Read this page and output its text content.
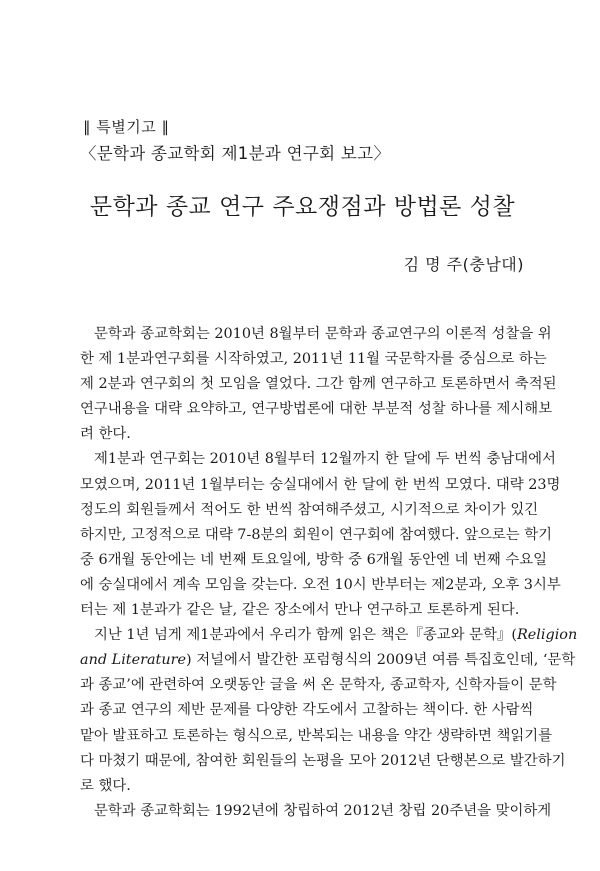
∥ 특별기고 ∥
〈문학과 종교학회 제1분과 연구회 보고〉
문학과 종교 연구 주요쟁점과 방법론 성찰
김 명 주(충남대)

문학과 종교학회는 2010년 8월부터 문학과 종교연구의 이론적 성찰을 위
한 제 1분과연구회를 시작하였고, 2011년 11월 국문학자를 중심으로 하는
제 2분과 연구회의 첫 모임을 열었다. 그간 함께 연구하고 토론하면서 축적된
연구내용을 대략 요약하고, 연구방법론에 대한 부분적 성찰 하나를 제시해보
려 한다.

제1분과 연구회는 2010년 8월부터 12월까지 한 달에 두 번씩 충남대에서
모였으며, 2011년 1월부터는 숭실대에서 한 달에 한 번씩 모였다. 대략 23명
정도의 회원들께서 적어도 한 번씩 참여해주셨고, 시기적으로 차이가 있긴
하지만, 고정적으로 대략 7-8분의 회원이 연구회에 참여했다. 앞으로는 학기
중 6개월 동안에는 네 번째 토요일에, 방학 중 6개월 동안엔 네 번째 수요일
에 숭실대에서 계속 모임을 갖는다. 오전 10시 반부터는 제2분과, 오후 3시부
터는 제 1분과가 같은 날, 같은 장소에서 만나 연구하고 토론하게 된다.

지난 1년 넘게 제1분과에서 우리가 함께 읽은 책은『종교와 문학』(Religion
and Literature) 저널에서 발간한 포럼형식의 2009년 여름 특집호인데, ‘문학
과 종교’에 관련하여 오랫동안 글을 써 온 문학자, 종교학자, 신학자들이 문학
과 종교 연구의 제반 문제를 다양한 각도에서 고찰하는 책이다. 한 사람씩
맡아 발표하고 토론하는 형식으로, 반복되는 내용을 약간 생략하면 책읽기를
다 마쳤기 때문에, 참여한 회원들의 논평을 모아 2012년 단행본으로 발간하기
로 했다.

문학과 종교학회는 1992년에 창립하여 2012년 창립 20주년을 맞이하게
